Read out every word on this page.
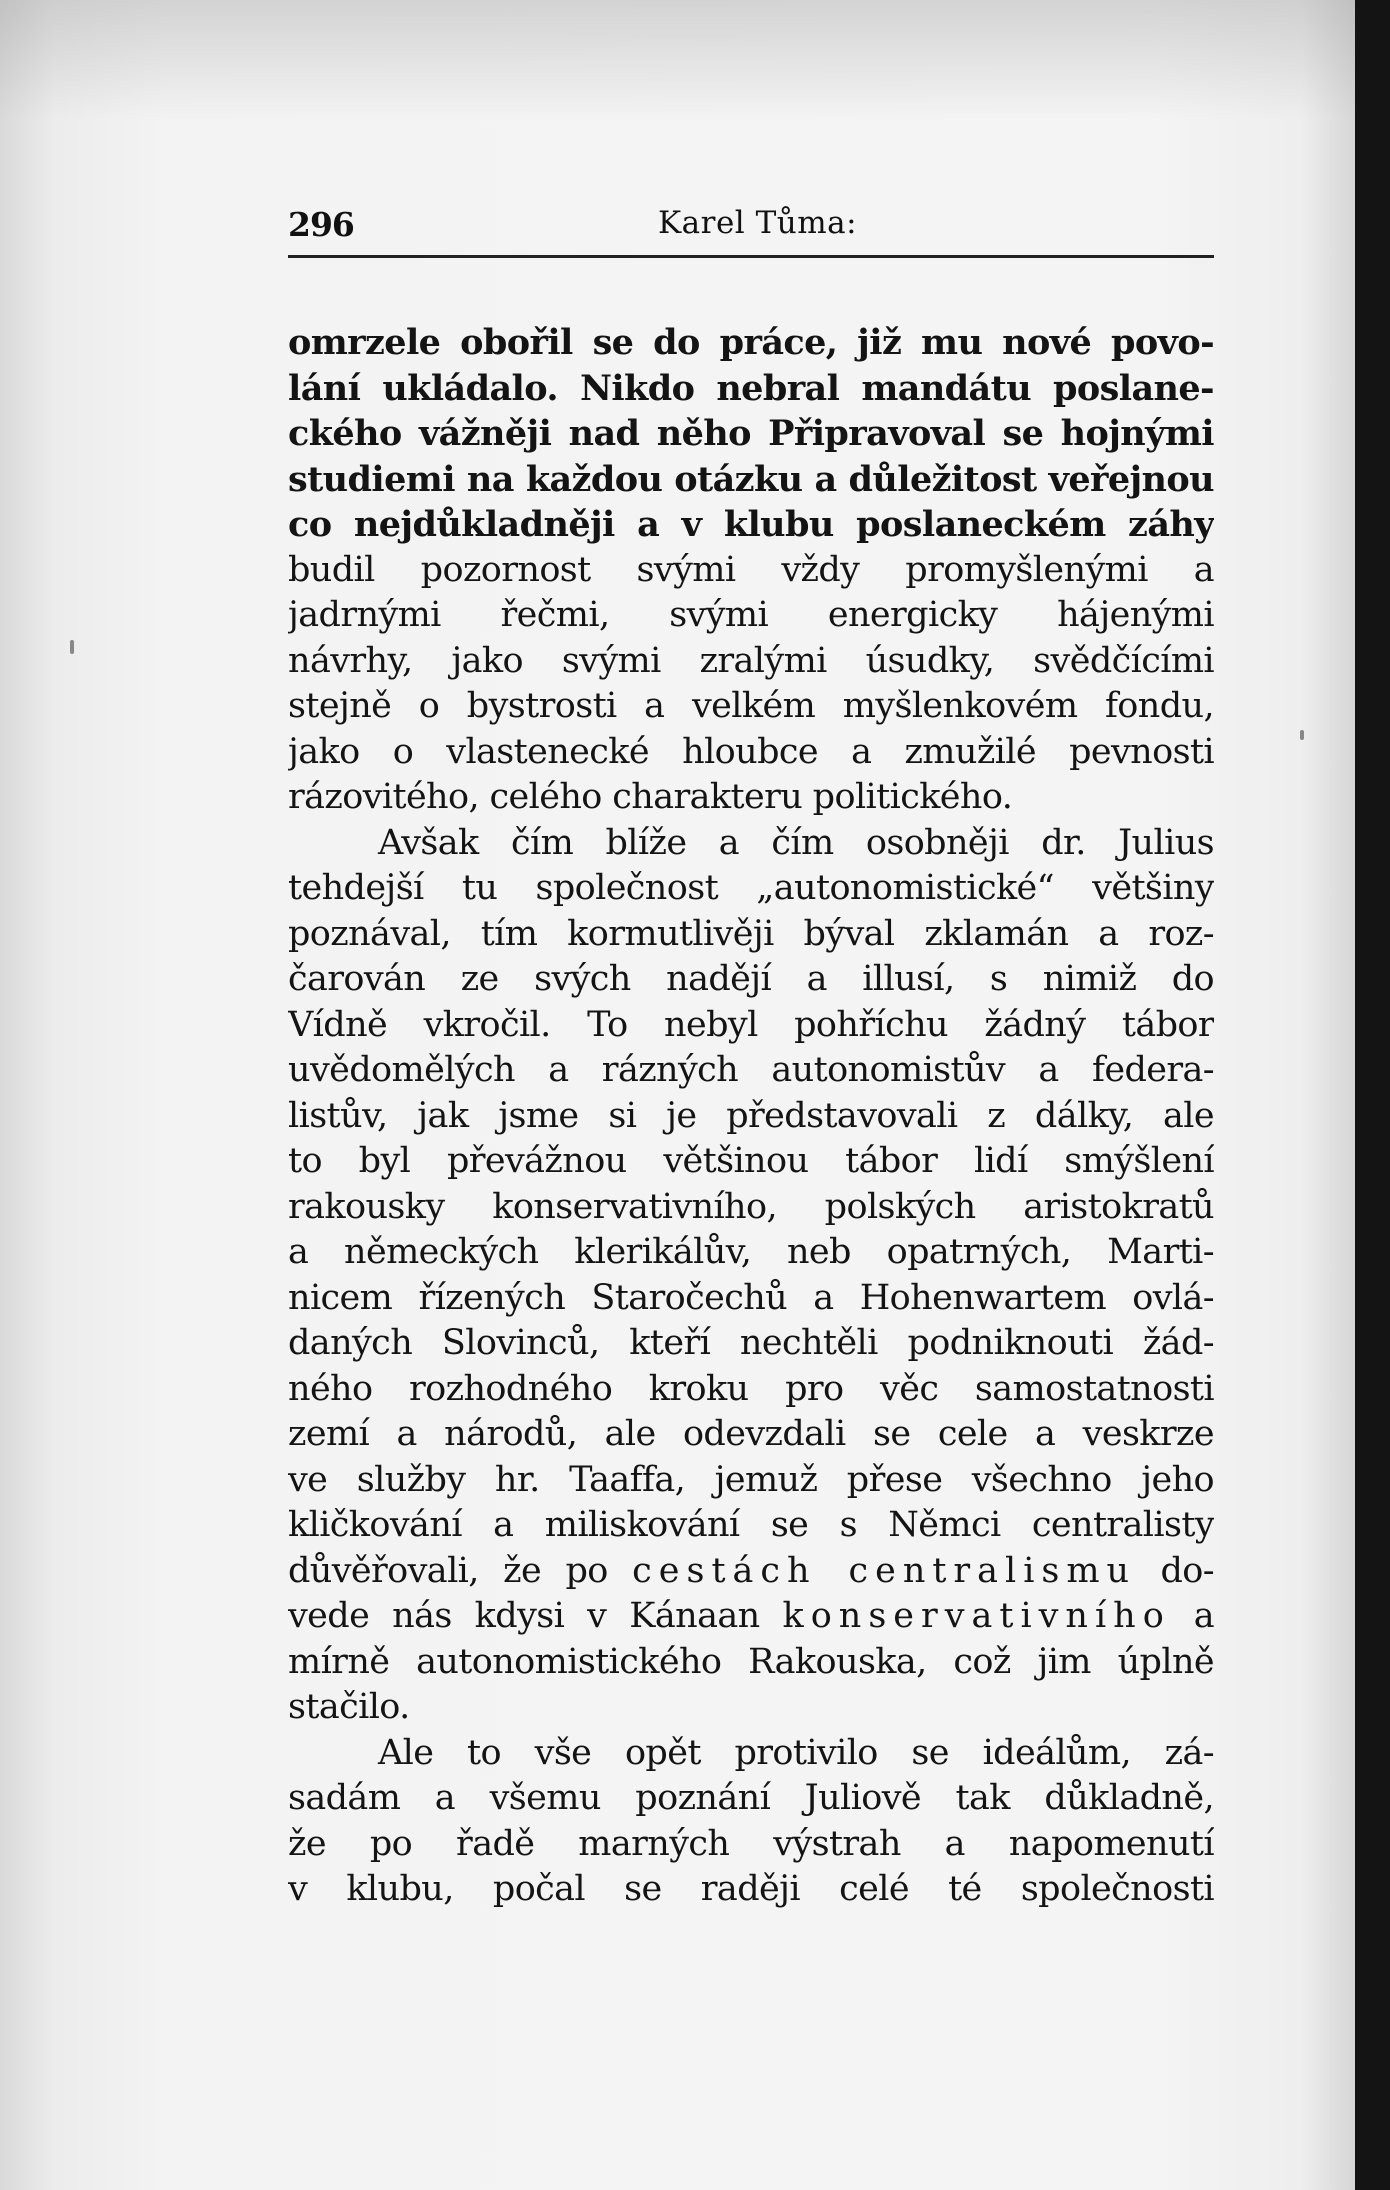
296	Karel Tůma:
omrzele obořil se do práce, již mu nové povo-
lání ukládalo. Nikdo nebral mandátu poslane-
ckého vážněji nad něho Připravoval se hojnými
studiemi na každou otázku a důležitost veřejnou
co nejdůkladněji a v klubu poslaneckém záhy
budil pozornost svými vždy promyšlenými a
jadrnými řečmi, svými energicky hájenými
návrhy, jako svými zralými úsudky, svědčícími
stejně o bystrosti a velkém myšlenkovém fondu,
jako o vlastenecké hloubce a zmužilé pevnosti
rázovitého, celého charakteru politického.
Avšak čím blíže a čím osobněji dr. Julius
tehdejší tu společnost „autonomistické“ většiny
poznával, tím kormutlivěji býval zklamán a roz-
čarován ze svých nadějí a illusí, s nimiž do
Vídně vkročil. To nebyl pohříchu žádný tábor
uvědomělých a rázných autonomistův a federa-
listův, jak jsme si je představovali z dálky, ale
to byl převážnou většinou tábor lidí smýšlení
rakousky konservativního, polských aristokratů
a německých klerikálův, neb opatrných, Marti-
nicem řízených Staročechů a Hohenwartem ovlá-
daných Slovinců, kteří nechtěli podniknouti žád-
ného rozhodného kroku pro věc samostatnosti
zemí a národů, ale odevzdali se cele a veskrze
ve služby hr. Taaffa, jemuž přese všechno jeho
kličkování a miliskování se s Němci centralisty
důvěřovali, že po cestách centralismu do-
vede nás kdysi v Kánaan konservativního a
mírně autonomistického Rakouska, což jim úplně
stačilo.
Ale to vše opět protivilo se ideálům, zá-
sadám a všemu poznání Juliově tak důkladně,
že po řadě marných výstrah a napomenutí
v klubu, počal se raději celé té společnosti
